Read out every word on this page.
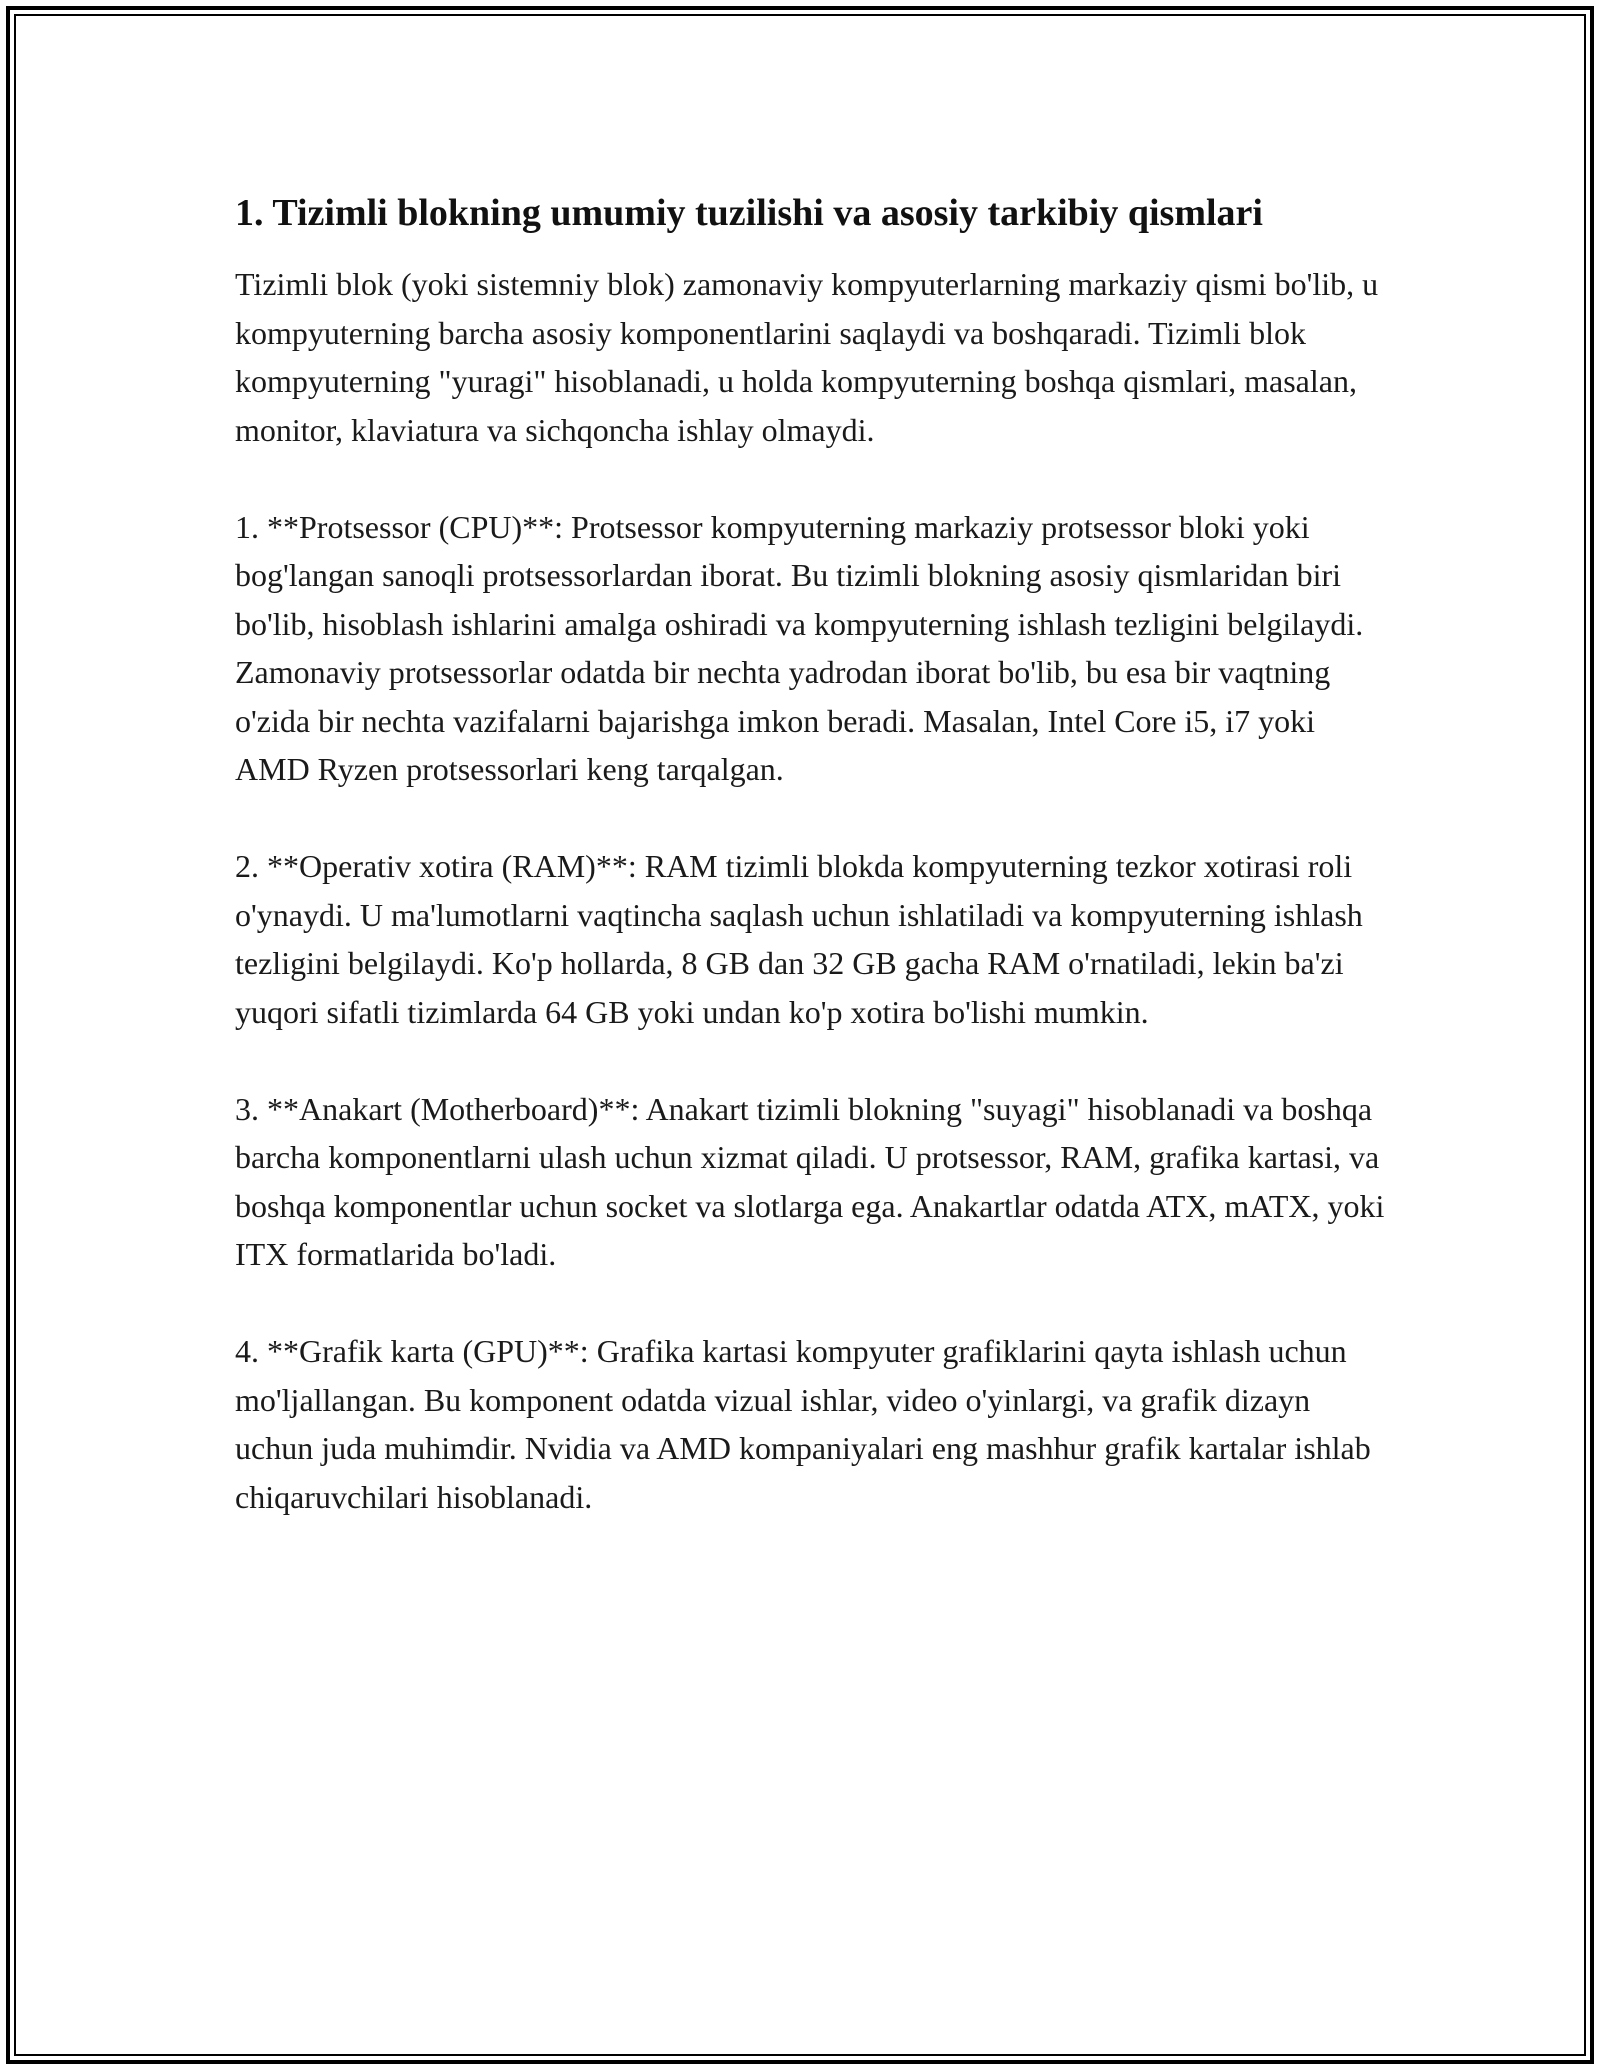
1. Tizimli blokning umumiy tuzilishi va asosiy tarkibiy qismlari

Tizimli blok (yoki sistemniy blok) zamonaviy kompyuterlarning markaziy qismi bo'lib, u kompyuterning barcha asosiy komponentlarini saqlaydi va boshqaradi. Tizimli blok kompyuterning "yuragi" hisoblanadi, u holda kompyuterning boshqa qismlari, masalan, monitor, klaviatura va sichqoncha ishlay olmaydi.

1. **Protsessor (CPU)**: Protsessor kompyuterning markaziy protsessor bloki yoki bog'langan sanoqli protsessorlardan iborat. Bu tizimli blokning asosiy qismlaridan biri bo'lib, hisoblash ishlarini amalga oshiradi va kompyuterning ishlash tezligini belgilaydi. Zamonaviy protsessorlar odatda bir nechta yadrodan iborat bo'lib, bu esa bir vaqtning o'zida bir nechta vazifalarni bajarishga imkon beradi. Masalan, Intel Core i5, i7 yoki AMD Ryzen protsessorlari keng tarqalgan.

2. **Operativ xotira (RAM)**: RAM tizimli blokda kompyuterning tezkor xotirasi roli o'ynaydi. U ma'lumotlarni vaqtincha saqlash uchun ishlatiladi va kompyuterning ishlash tezligini belgilaydi. Ko'p hollarda, 8 GB dan 32 GB gacha RAM o'rnatiladi, lekin ba'zi yuqori sifatli tizimlarda 64 GB yoki undan ko'p xotira bo'lishi mumkin.

3. **Anakart (Motherboard)**: Anakart tizimli blokning "suyagi" hisoblanadi va boshqa barcha komponentlarni ulash uchun xizmat qiladi. U protsessor, RAM, grafika kartasi, va boshqa komponentlar uchun socket va slotlarga ega. Anakartlar odatda ATX, mATX, yoki ITX formatlarida bo'ladi.

4. **Grafik karta (GPU)**: Grafika kartasi kompyuter grafiklarini qayta ishlash uchun mo'ljallangan. Bu komponent odatda vizual ishlar, video o'yinlargi, va grafik dizayn uchun juda muhimdir. Nvidia va AMD kompaniyalari eng mashhur grafik kartalar ishlab chiqaruvchilari hisoblanadi.
